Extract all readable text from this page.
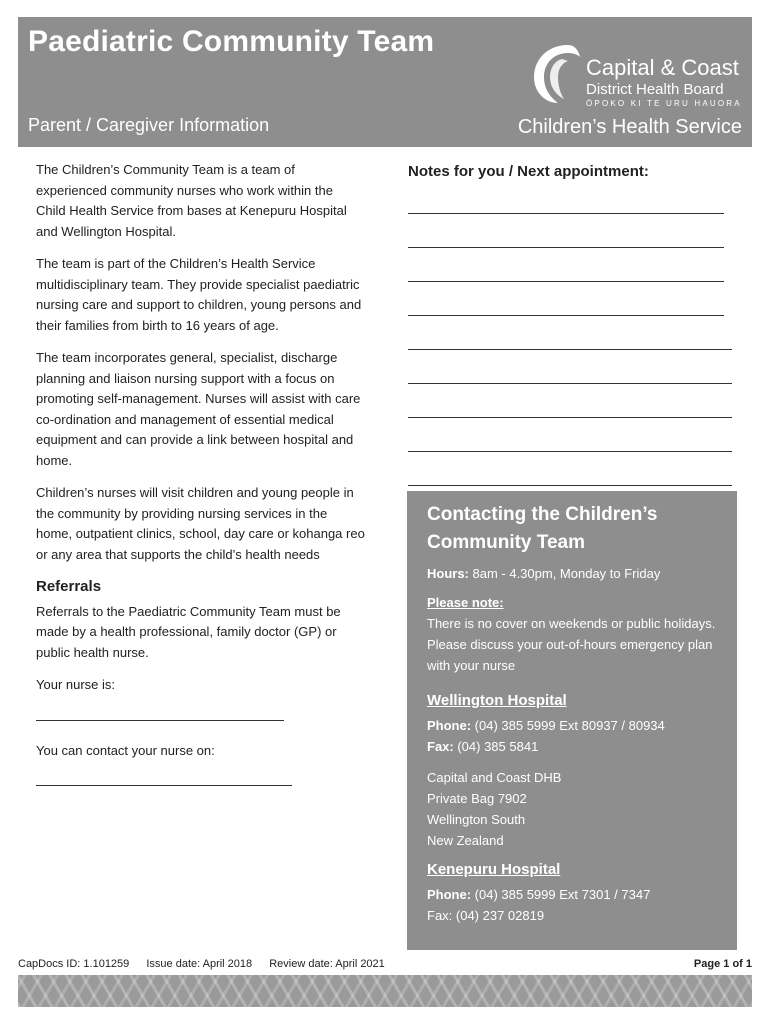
Paediatric Community Team
Capital & Coast
District Health Board
ŌPOKO KI TE URU HAUORA
Parent / Caregiver Information	Children’s Health Service

The Children’s Community Team is a team of experienced community nurses who work within the Child Health Service from bases at Kenepuru Hospital and Wellington Hospital.

The team is part of the Children’s Health Service multidisciplinary team. They provide specialist paediatric nursing care and support to children, young persons and their families from birth to 16 years of age.

The team incorporates general, specialist, discharge planning and liaison nursing support with a focus on promoting self-management. Nurses will assist with care co-ordination and management of essential medical equipment and can provide a link between hospital and home.

Children’s nurses will visit children and young people in the community by providing nursing services in the home, outpatient clinics, school, day care or kohanga reo or any area that supports the child’s health needs

Referrals

Referrals to the Paediatric Community Team must be made by a health professional, family doctor (GP) or public health nurse.

Your nurse is:

You can contact your nurse on:

Notes for you / Next appointment:
Contacting the Children’s Community Team
Hours: 8am - 4.30pm, Monday to Friday
Please note:
There is no cover on weekends or public holidays. Please discuss your out-of-hours emergency plan with your nurse
Wellington Hospital
Phone: (04) 385 5999 Ext 80937 / 80934
Fax: (04) 385 5841
Capital and Coast DHB
Private Bag 7902
Wellington South
New Zealand
Kenepuru Hospital
Phone: (04) 385 5999 Ext 7301 / 7347
Fax: (04) 237 02819
CapDocs ID: 1.101259 Issue date: April 2018 Review date: April 2021	Page 1 of 1
